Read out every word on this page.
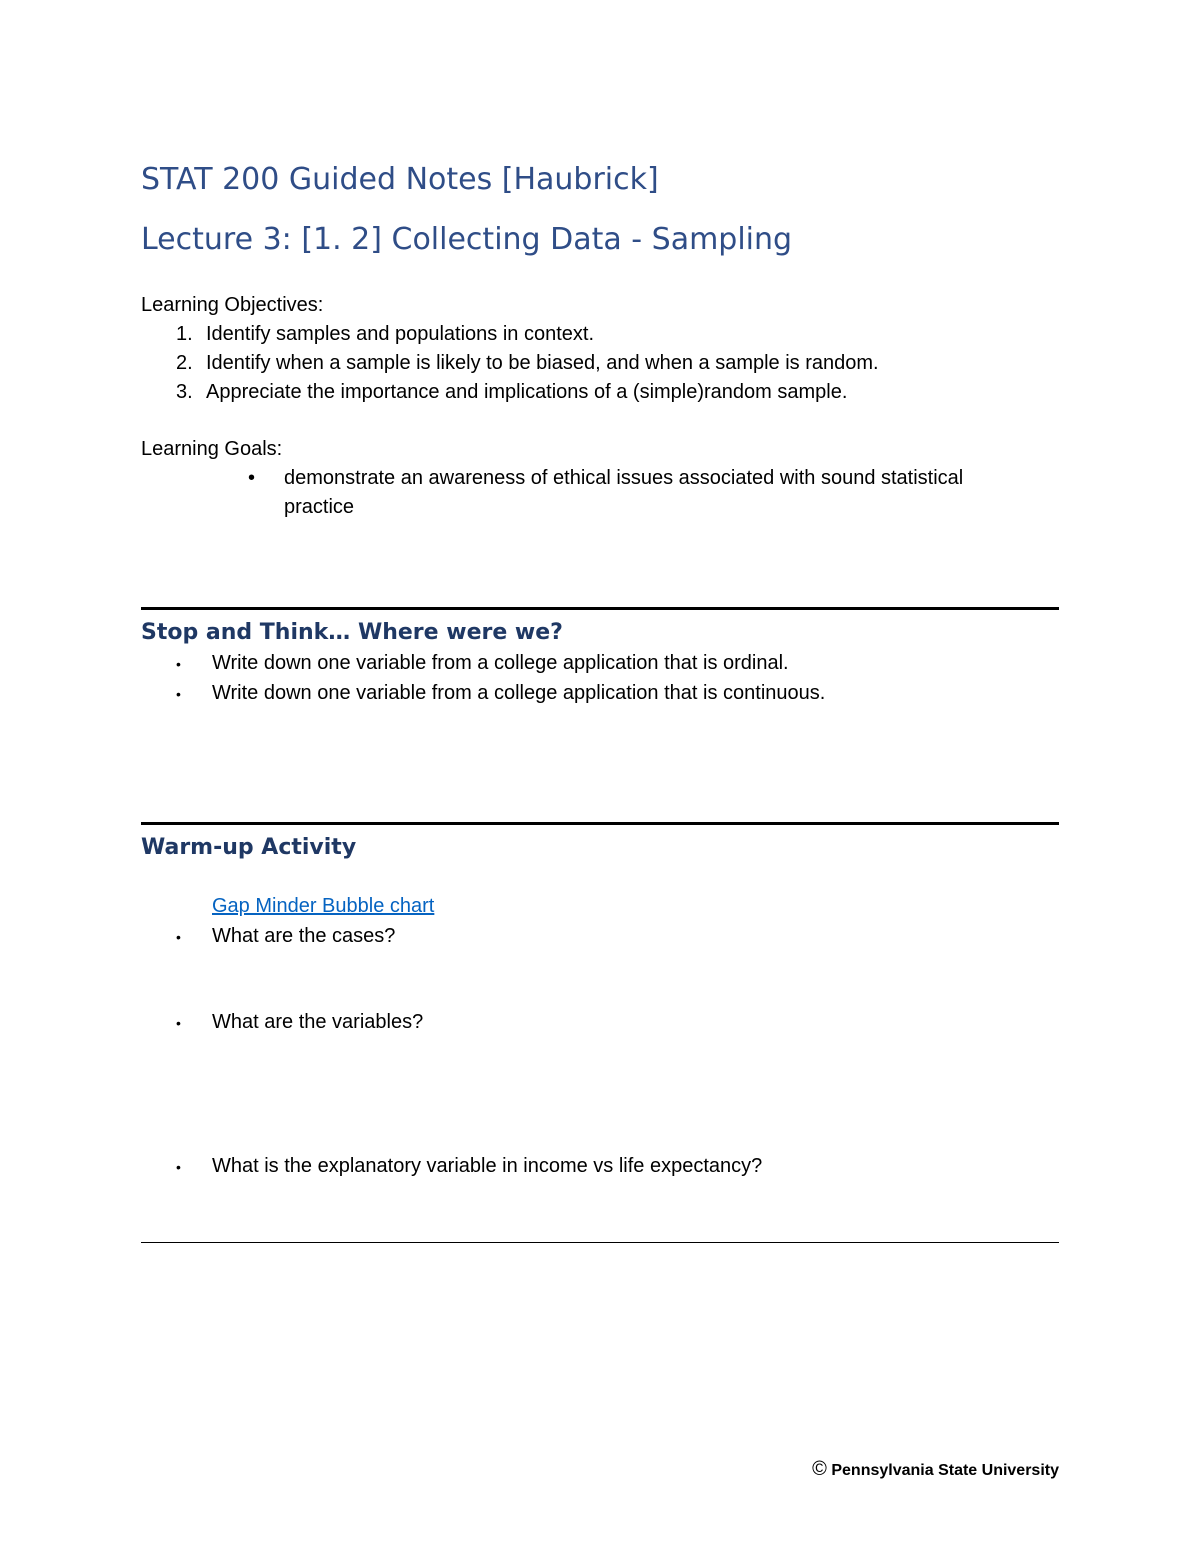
STAT 200 Guided Notes [Haubrick]
Lecture 3: [1. 2] Collecting Data - Sampling
Learning Objectives:
1. Identify samples and populations in context.
2. Identify when a sample is likely to be biased, and when a sample is random.
3. Appreciate the importance and implications of a (simple)random sample.
Learning Goals:
• demonstrate an awareness of ethical issues associated with sound statistical
practice
Stop and Think… Where were we?
• Write down one variable from a college application that is ordinal.
• Write down one variable from a college application that is continuous.
Warm-up Activity
Gap Minder Bubble chart
• What are the cases?
• What are the variables?
• What is the explanatory variable in income vs life expectancy?
© Pennsylvania State University
